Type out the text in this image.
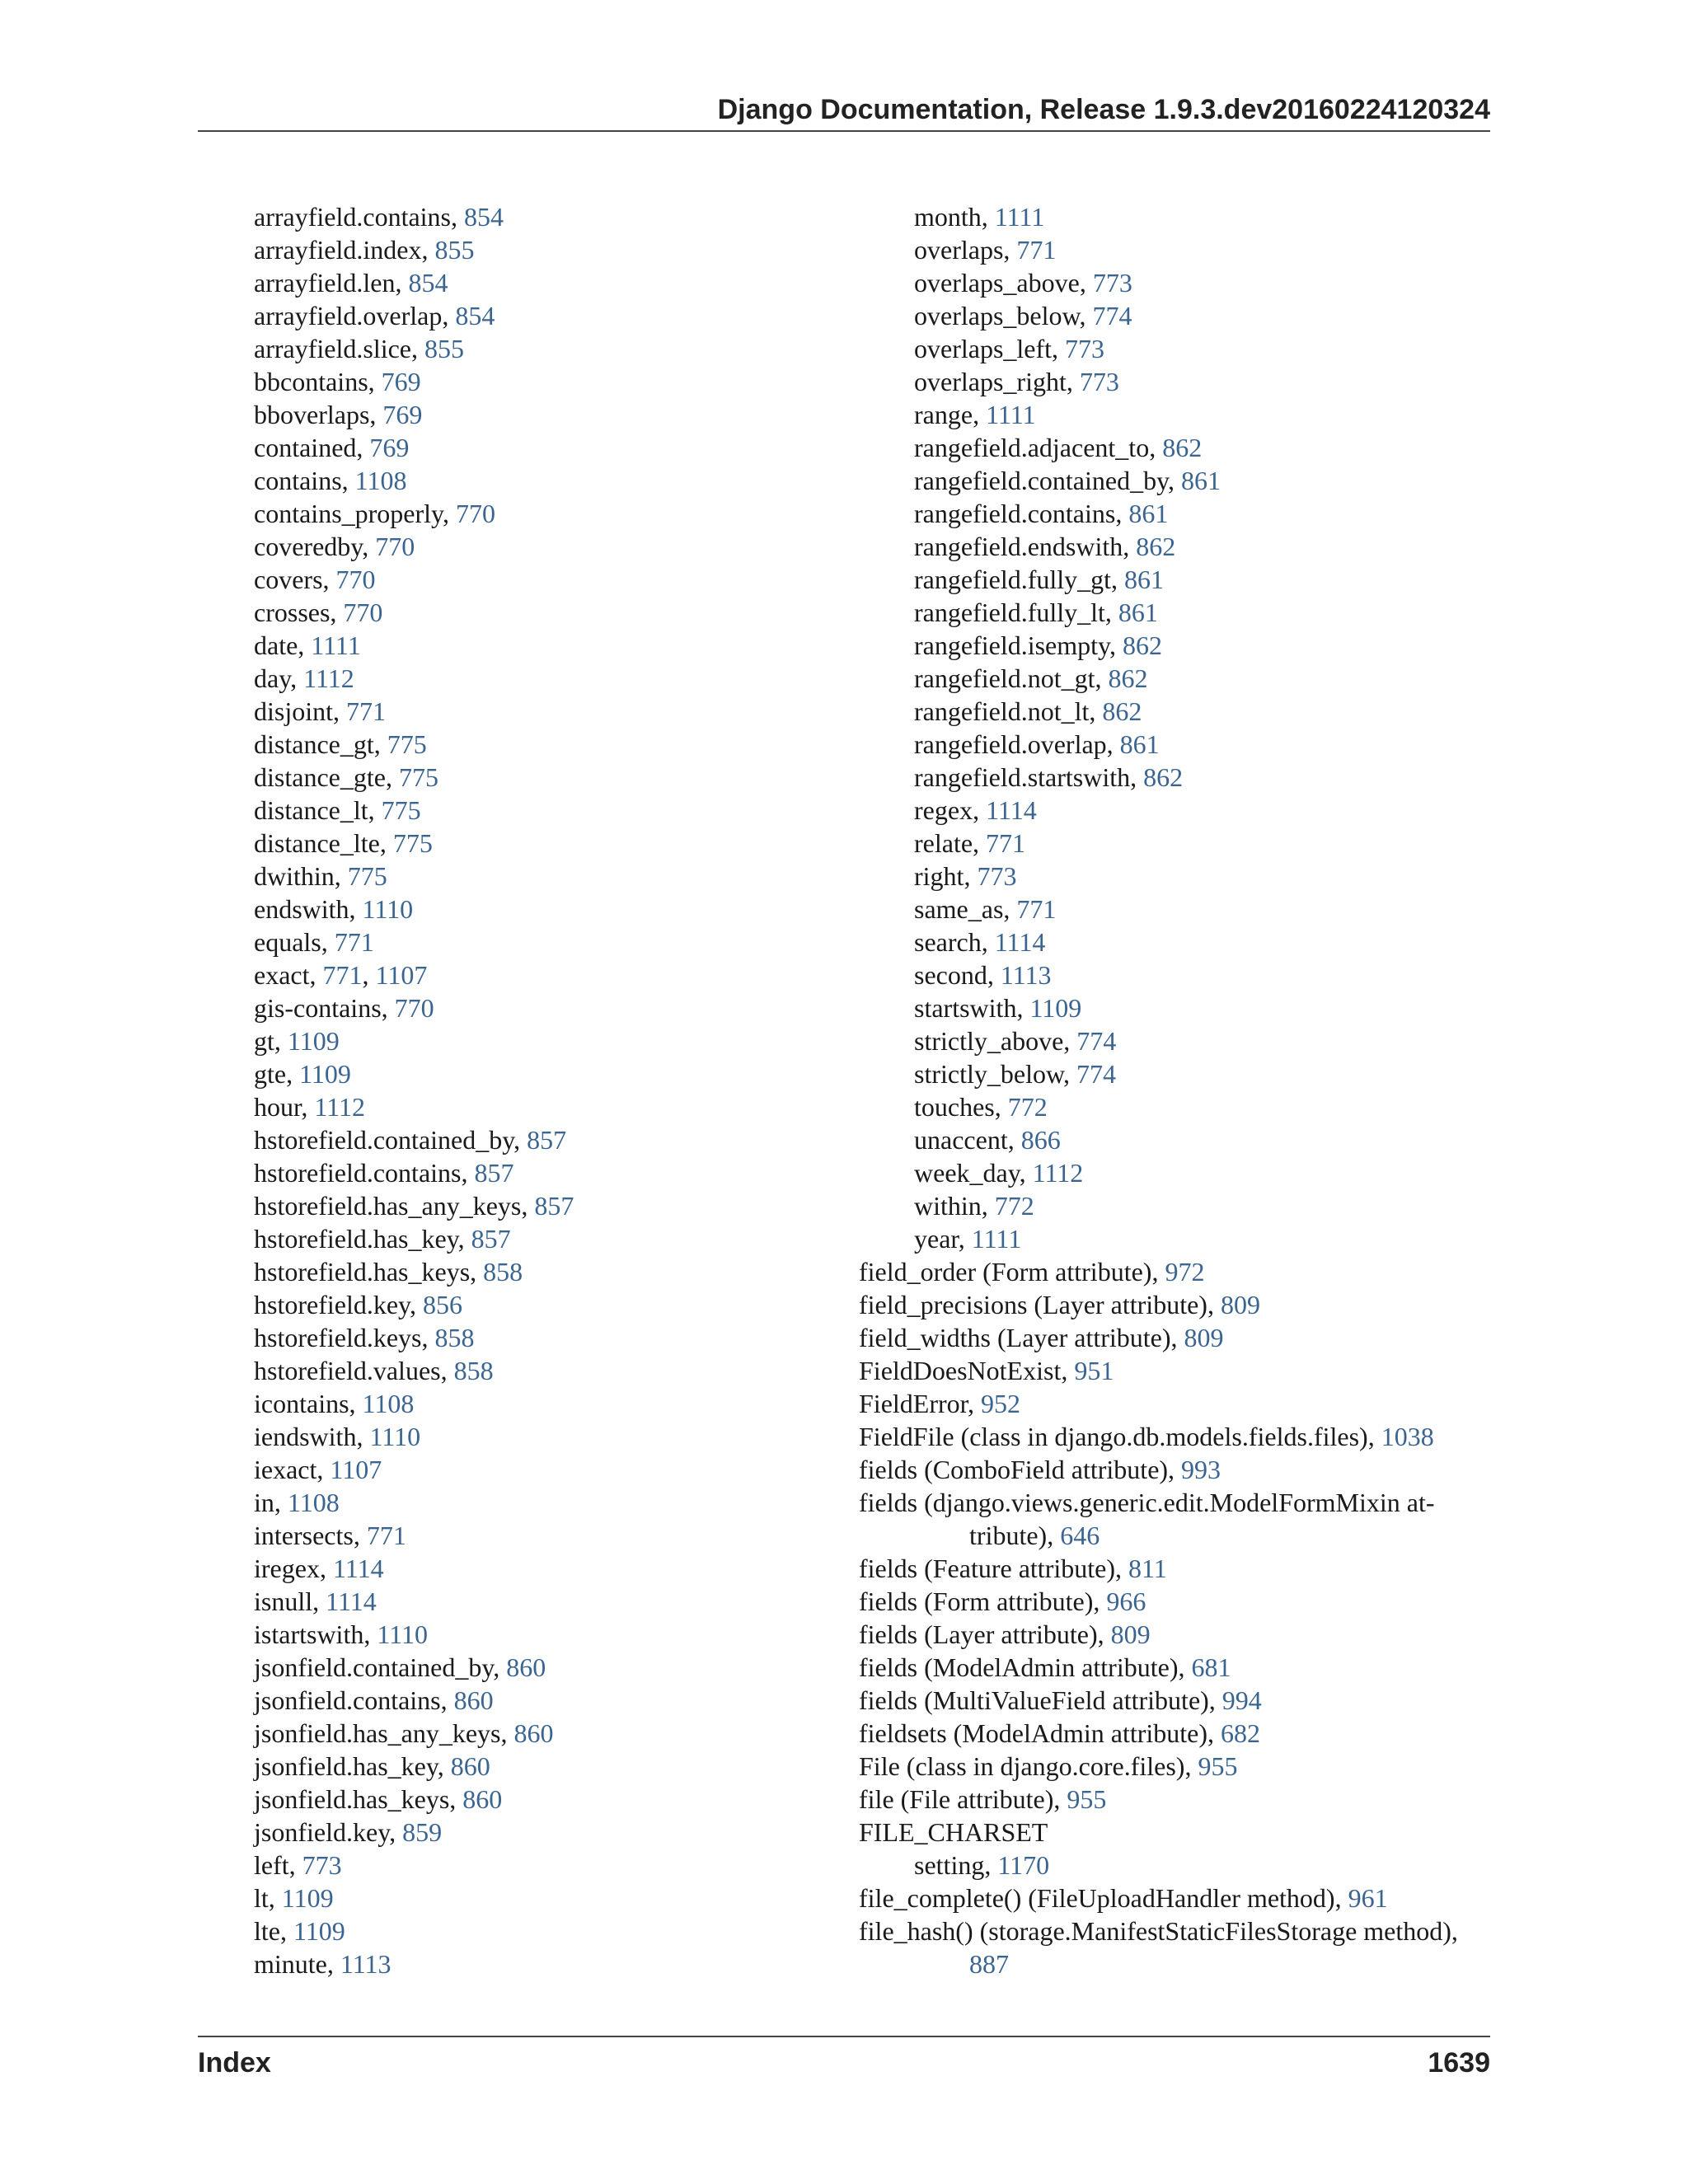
Django Documentation, Release 1.9.3.dev20160224120324
arrayfield.contains, 854
arrayfield.index, 855
arrayfield.len, 854
arrayfield.overlap, 854
arrayfield.slice, 855
bbcontains, 769
bboverlaps, 769
contained, 769
contains, 1108
contains_properly, 770
coveredby, 770
covers, 770
crosses, 770
date, 1111
day, 1112
disjoint, 771
distance_gt, 775
distance_gte, 775
distance_lt, 775
distance_lte, 775
dwithin, 775
endswith, 1110
equals, 771
exact, 771, 1107
gis-contains, 770
gt, 1109
gte, 1109
hour, 1112
hstorefield.contained_by, 857
hstorefield.contains, 857
hstorefield.has_any_keys, 857
hstorefield.has_key, 857
hstorefield.has_keys, 858
hstorefield.key, 856
hstorefield.keys, 858
hstorefield.values, 858
icontains, 1108
iendswith, 1110
iexact, 1107
in, 1108
intersects, 771
iregex, 1114
isnull, 1114
istartswith, 1110
jsonfield.contained_by, 860
jsonfield.contains, 860
jsonfield.has_any_keys, 860
jsonfield.has_key, 860
jsonfield.has_keys, 860
jsonfield.key, 859
left, 773
lt, 1109
lte, 1109
minute, 1113
month, 1111
overlaps, 771
overlaps_above, 773
overlaps_below, 774
overlaps_left, 773
overlaps_right, 773
range, 1111
rangefield.adjacent_to, 862
rangefield.contained_by, 861
rangefield.contains, 861
rangefield.endswith, 862
rangefield.fully_gt, 861
rangefield.fully_lt, 861
rangefield.isempty, 862
rangefield.not_gt, 862
rangefield.not_lt, 862
rangefield.overlap, 861
rangefield.startswith, 862
regex, 1114
relate, 771
right, 773
same_as, 771
search, 1114
second, 1113
startswith, 1109
strictly_above, 774
strictly_below, 774
touches, 772
unaccent, 866
week_day, 1112
within, 772
year, 1111
field_order (Form attribute), 972
field_precisions (Layer attribute), 809
field_widths (Layer attribute), 809
FieldDoesNotExist, 951
FieldError, 952
FieldFile (class in django.db.models.fields.files), 1038
fields (ComboField attribute), 993
fields (django.views.generic.edit.ModelFormMixin at-
tribute), 646
fields (Feature attribute), 811
fields (Form attribute), 966
fields (Layer attribute), 809
fields (ModelAdmin attribute), 681
fields (MultiValueField attribute), 994
fieldsets (ModelAdmin attribute), 682
File (class in django.core.files), 955
file (File attribute), 955
FILE_CHARSET
setting, 1170
file_complete() (FileUploadHandler method), 961
file_hash() (storage.ManifestStaticFilesStorage method),
887
Index	1639
